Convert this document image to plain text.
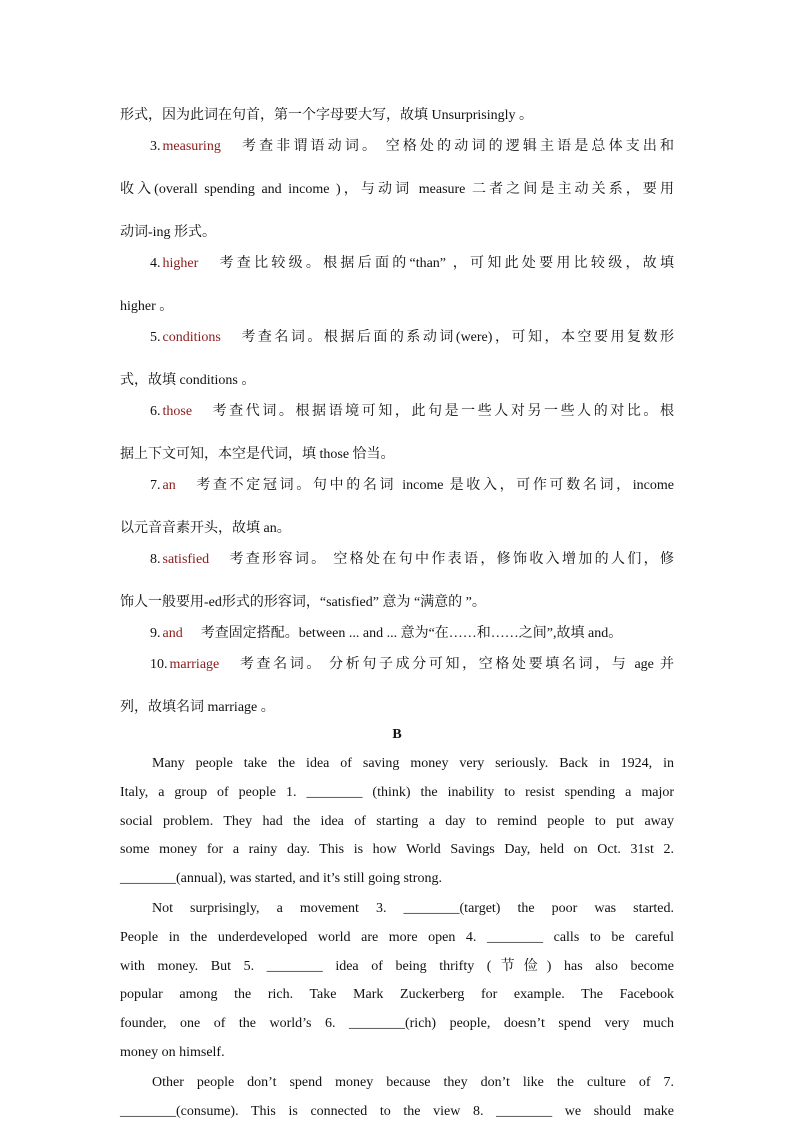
形式，因为此词在句首，第一个字母要大写，故填 Unsurprisingly 。
3. measuring 考查非谓语动词。 空格处的动词的逻辑主语是总体支出和
收入(overall spending and income )，与动词 measure 二者之间是主动关系，要用
动词-ing 形式。
4. higher 考查比较级。根据后面的“than” ，可知此处要用比较级，故填
higher 。
5. conditions 考查名词。根据后面的系动词(were)，可知，本空要用复数形
式，故填 conditions 。
6. those 考查代词。根据语境可知，此句是一些人对另一些人的对比。根
据上下文可知，本空是代词，填 those 恰当。
7. an 考查不定冠词。句中的名词 income 是收入，可作可数名词，income
以元音音素开头，故填 an。
8. satisfied 考查形容词。 空格处在句中作表语，修饰收入增加的人们，修
饰人一般要用-ed形式的形容词，“satisfied” 意为 “满意的 ”。
9. and 考查固定搭配。between ... and ... 意为“在……和……之间”,故填 and。
10. marriage 考查名词。 分析句子成分可知，空格处要填名词，与 age 并
列，故填名词 marriage 。
B
Many people take the idea of saving money very seriously. Back in 1924, in
Italy, a group of people 1. ________ (think) the inability to resist spending a major
social problem. They had the idea of starting a day to remind people to put away
some money for a rainy day. This is how World Savings Day, held on Oct. 31st 2.
________(annual), was started, and it’s still going strong.
Not surprisingly, a movement 3. ________(target) the poor was started.
People in the underdeveloped world are more open 4. ________ calls to be careful
with money. But 5. ________ idea of being thrifty (节俭) has also become
popular among the rich. Take Mark Zuckerberg for example. The Facebook
founder, one of the world’s 6. ________(rich) people, doesn’t spend very much
money on himself.
Other people don’t spend money because they don’t like the culture of 7.
________(consume). This is connected to the view 8. ________ we should make
